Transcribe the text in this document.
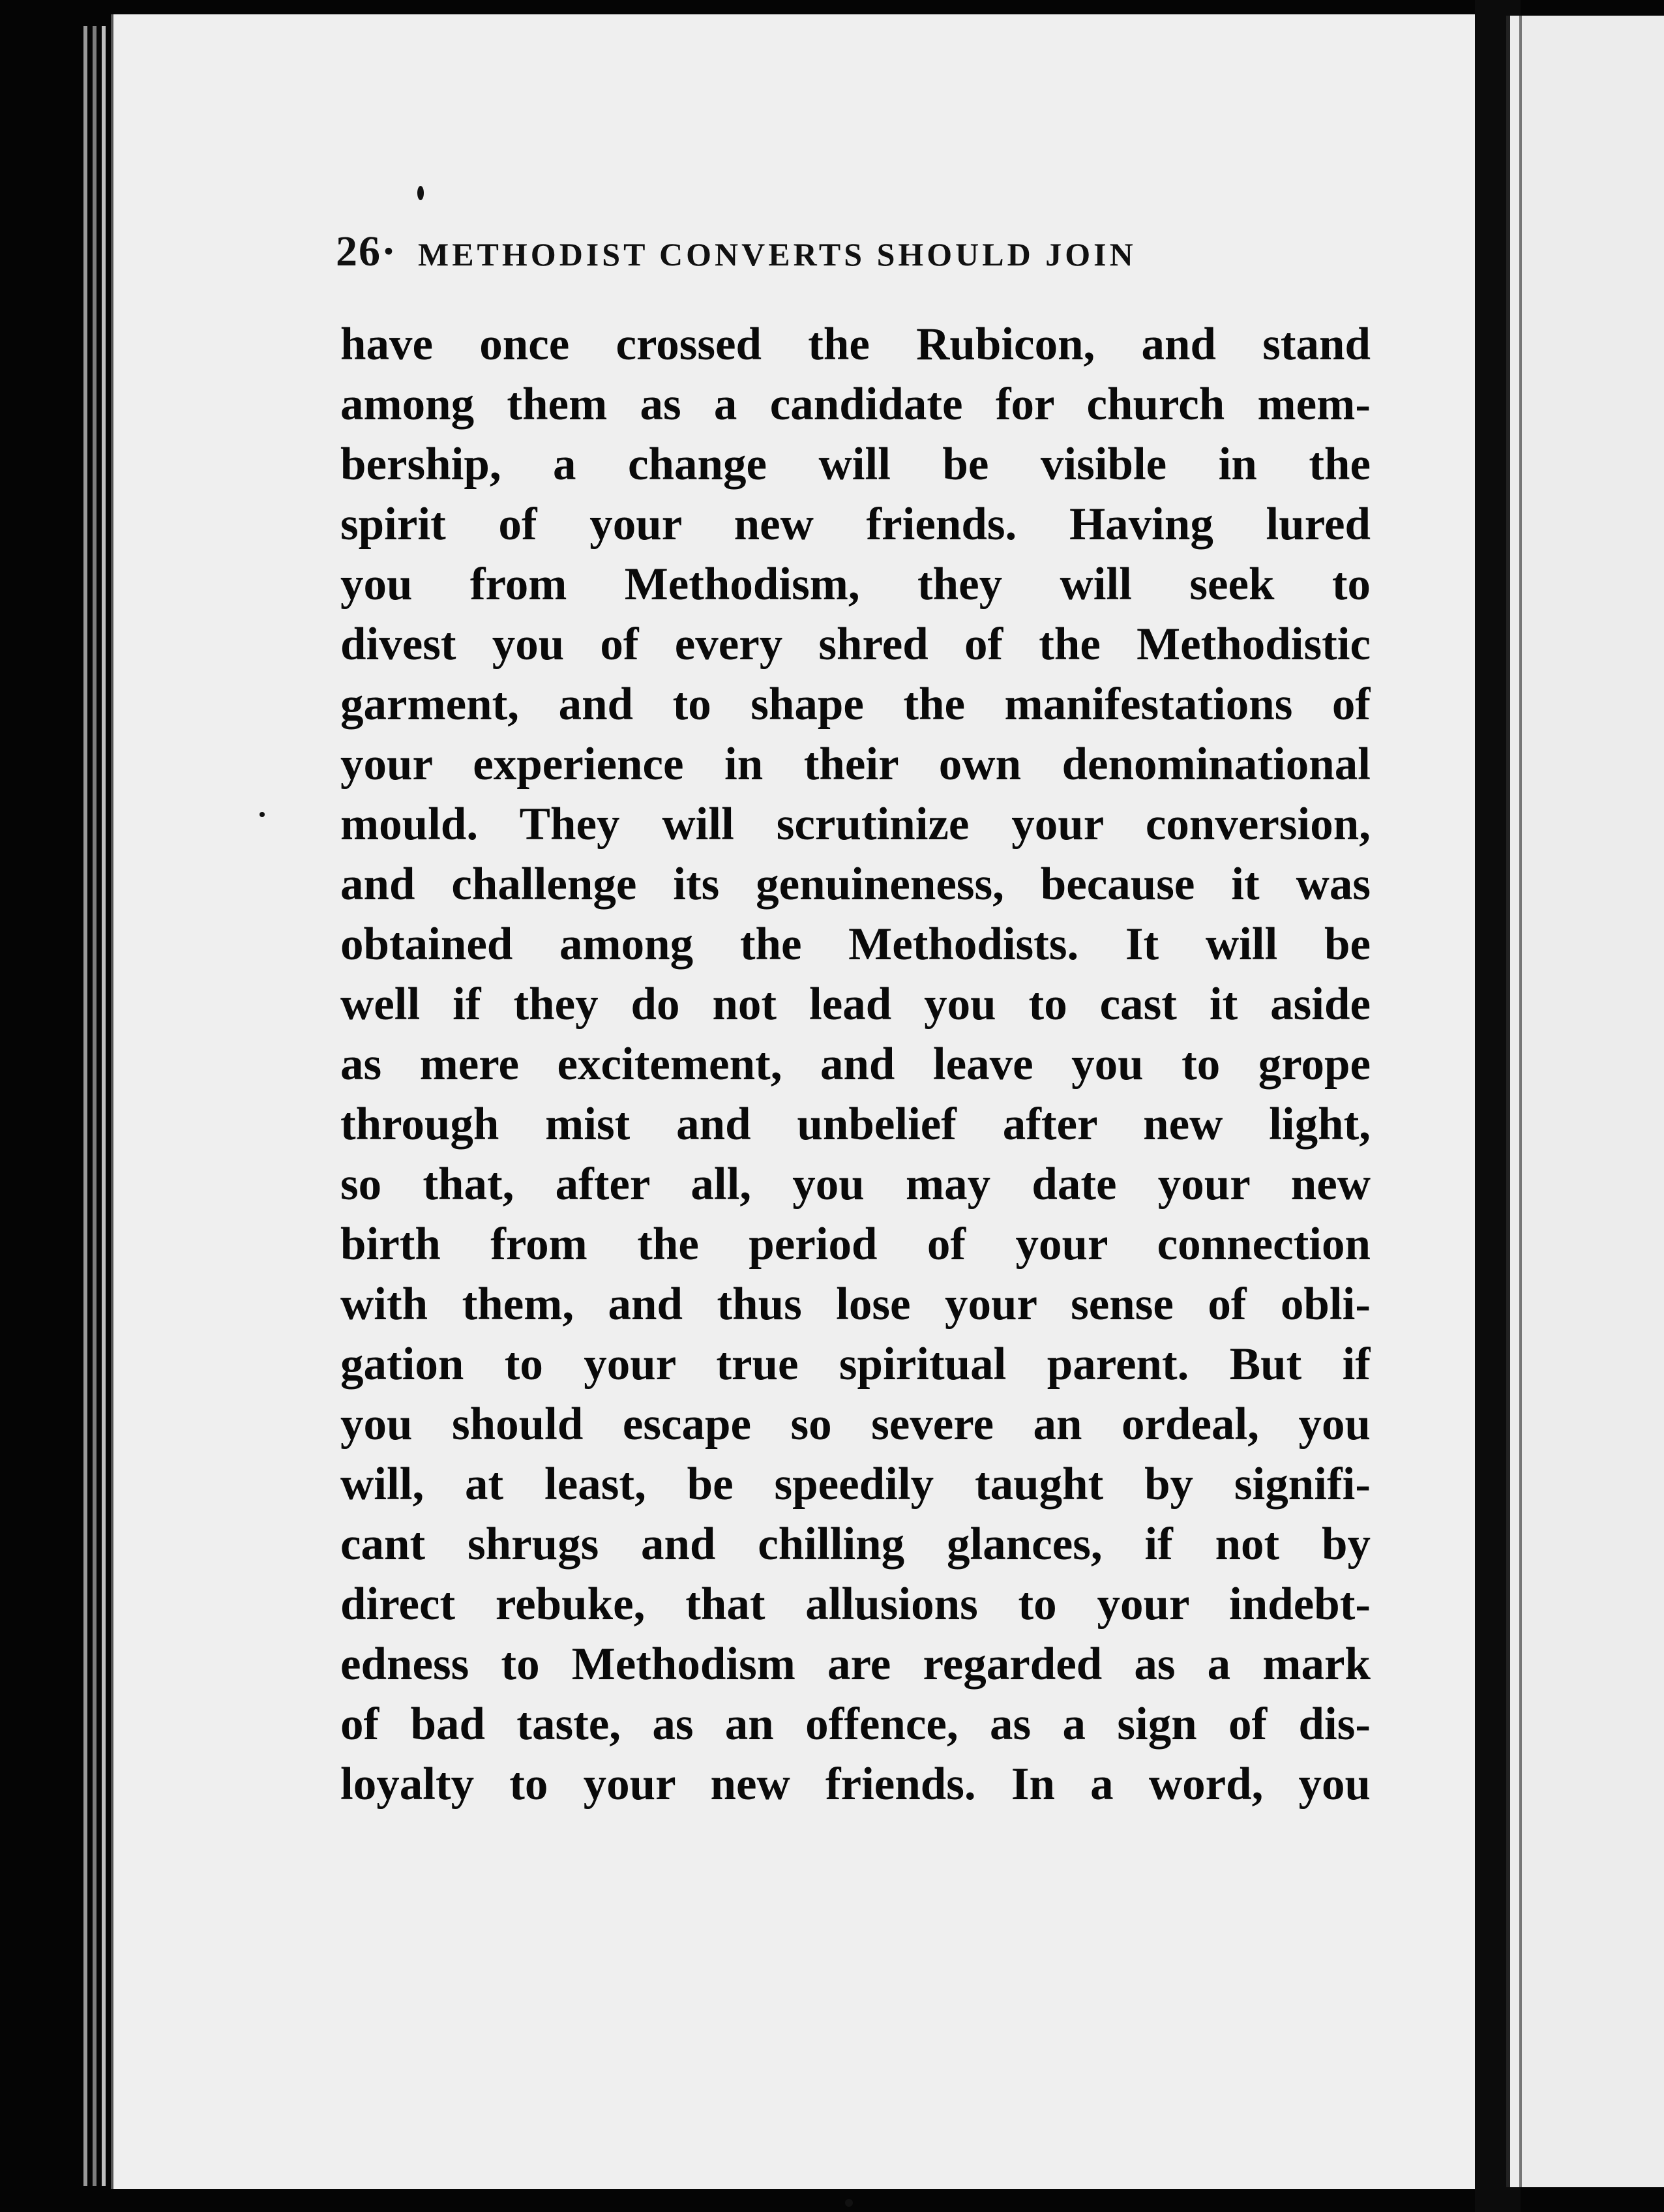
26· METHODIST CONVERTS SHOULD JOIN
have once crossed the Rubicon, and stand
among them as a candidate for church mem-
bership, a change will be visible in the
spirit of your new friends. Having lured
you from Methodism, they will seek to
divest you of every shred of the Methodistic
garment, and to shape the manifestations of
your experience in their own denominational
mould. They will scrutinize your conversion,
and challenge its genuineness, because it was
obtained among the Methodists. It will be
well if they do not lead you to cast it aside
as mere excitement, and leave you to grope
through mist and unbelief after new light,
so that, after all, you may date your new
birth from the period of your connection
with them, and thus lose your sense of obli-
gation to your true spiritual parent. But if
you should escape so severe an ordeal, you
will, at least, be speedily taught by signifi-
cant shrugs and chilling glances, if not by
direct rebuke, that allusions to your indebt-
edness to Methodism are regarded as a mark
of bad taste, as an offence, as a sign of dis-
loyalty to your new friends. In a word, you
